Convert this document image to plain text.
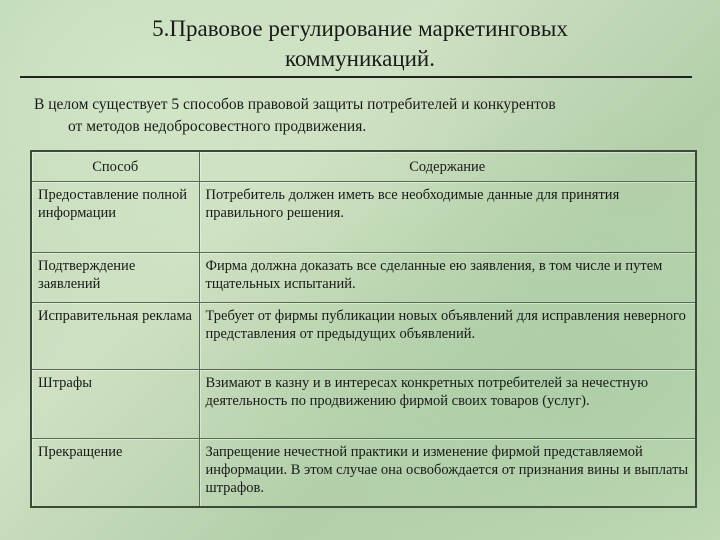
5.Правовое регулирование маркетинговых
коммуникаций.
В целом существует 5 способов правовой защиты потребителей и конкурентов
от методов недобросовестного продвижения.
Способ	Содержание
Предоставление полной информации	Потребитель должен иметь все необходимые данные для принятия правильного решения.
Подтверждение заявлений	Фирма должна доказать все сделанные ею заявления, в том числе и путем тщательных испытаний.
Исправительная реклама	Требует от фирмы публикации новых объявлений для исправления неверного представления от предыдущих объявлений.
Штрафы	Взимают в казну и в интересах конкретных потребителей за нечестную деятельность по продвижению фирмой своих товаров (услуг).
Прекращение	Запрещение нечестной практики и изменение фирмой представляемой информации. В этом случае она освобождается от признания вины и выплаты штрафов.
